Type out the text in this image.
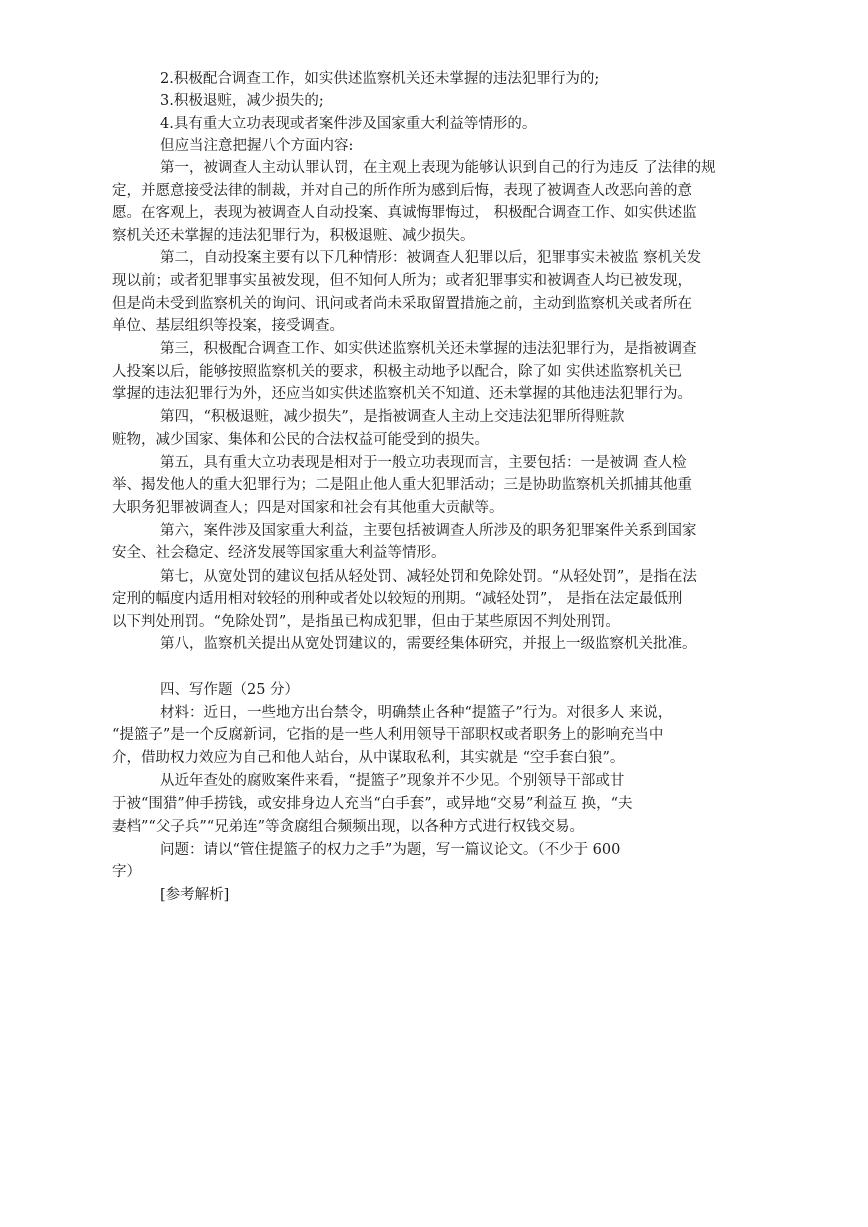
2.积极配合调查工作，如实供述监察机关还未掌握的违法犯罪行为的;

3.积极退赃，减少损失的;

4.具有重大立功表现或者案件涉及国家重大利益等情形的。

但应当注意把握八个方面内容:

第一，被调查人主动认罪认罚，在主观上表现为能够认识到自己的行为违反 了法律的规

定，并愿意接受法律的制裁，并对自己的所作所为感到后悔，表现了被调查人改恶向善的意

愿。在客观上，表现为被调查人自动投案、真诚悔罪悔过， 积极配合调查工作、如实供述监

察机关还未掌握的违法犯罪行为，积极退赃、减少损失。

第二，自动投案主要有以下几种情形：被调查人犯罪以后，犯罪事实未被监 察机关发

现以前；或者犯罪事实虽被发现，但不知何人所为；或者犯罪事实和被调查人均已被发现，

但是尚未受到监察机关的询问、讯问或者尚未采取留置措施之前，主动到监察机关或者所在

单位、基层组织等投案，接受调查。

第三，积极配合调查工作、如实供述监察机关还未掌握的违法犯罪行为，是指被调查

人投案以后，能够按照监察机关的要求，积极主动地予以配合，除了如 实供述监察机关已

掌握的违法犯罪行为外，还应当如实供述监察机关不知道、还未掌握的其他违法犯罪行为。

第四，“积极退赃，减少损失”，是指被调查人主动上交违法犯罪所得赃款

赃物，减少国家、集体和公民的合法权益可能受到的损失。

第五，具有重大立功表现是相对于一般立功表现而言，主要包括：一是被调 查人检

举、揭发他人的重大犯罪行为；二是阻止他人重大犯罪活动；三是协助监察机关抓捕其他重

大职务犯罪被调查人；四是对国家和社会有其他重大贡献等。

第六，案件涉及国家重大利益，主要包括被调查人所涉及的职务犯罪案件关系到国家

安全、社会稳定、经济发展等国家重大利益等情形。

第七，从宽处罚的建议包括从轻处罚、减轻处罚和免除处罚。“从轻处罚”，是指在法

定刑的幅度内适用相对较轻的刑种或者处以较短的刑期。“减轻处罚”， 是指在法定最低刑

以下判处刑罚。“免除处罚”，是指虽已构成犯罪，但由于某些原因不判处刑罚。

第八，监察机关提出从宽处罚建议的，需要经集体研究，并报上一级监察机关批准。

四、写作题（25 分）

材料：近日，一些地方出台禁令，明确禁止各种“提篮子”行为。对很多人 来说，

“提篮子”是一个反腐新词，它指的是一些人利用领导干部职权或者职务上的影响充当中

介，借助权力效应为自己和他人站台，从中谋取私利，其实就是 “空手套白狼”。

从近年查处的腐败案件来看，“提篮子”现象并不少见。个别领导干部或甘

于被“围猎”伸手捞钱，或安排身边人充当“白手套”，或异地“交易”利益互 换，“夫

妻档”“父子兵”“兄弟连”等贪腐组合频频出现，以各种方式进行权钱交易。

问题：请以“管住提篮子的权力之手”为题，写一篇议论文。（不少于 600

字）

[参考解析]
